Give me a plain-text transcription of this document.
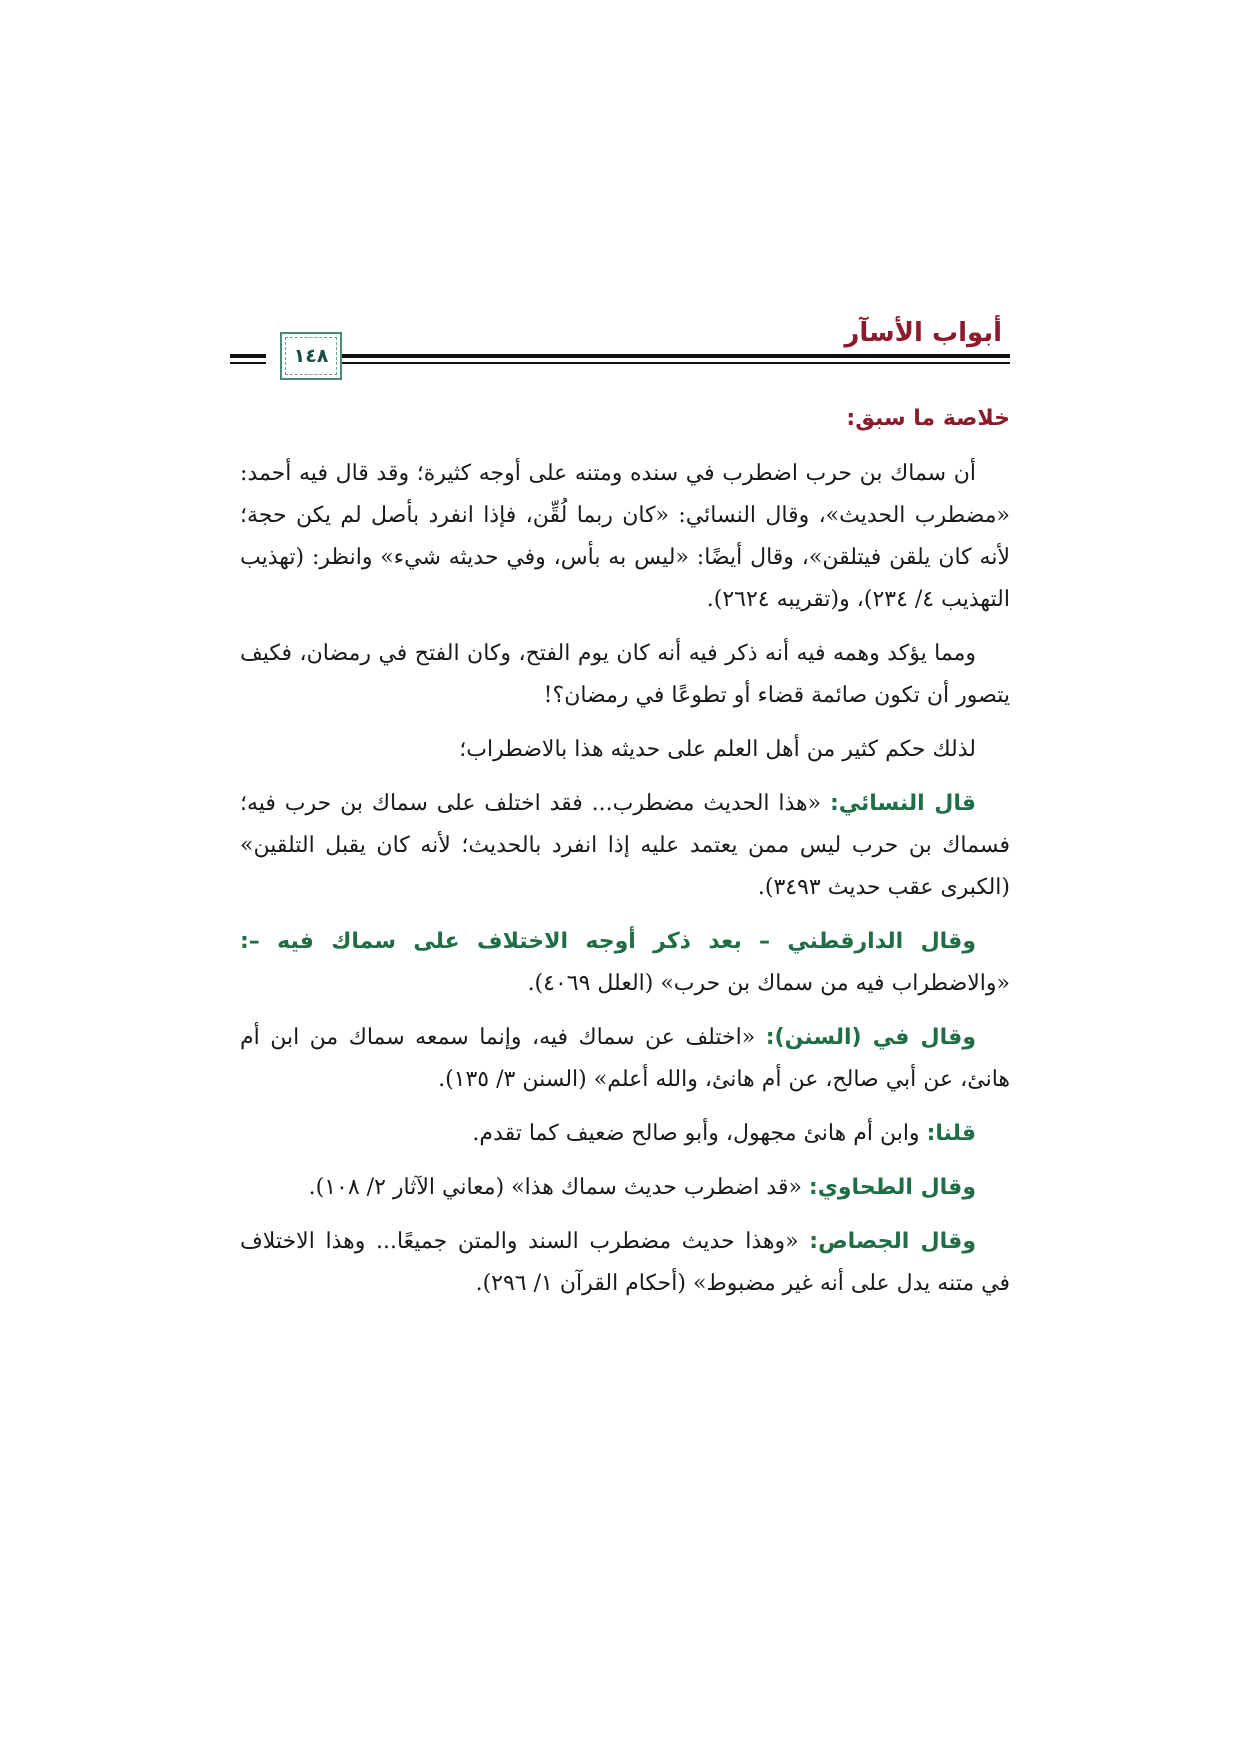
أبواب الأسآر
١٤٨
خلاصة ما سبق:

أن سماك بن حرب اضطرب في سنده ومتنه على أوجه كثيرة؛ وقد قال فيه أحمد: «مضطرب الحديث»، وقال النسائي: «كان ربما لُقِّن، فإذا انفرد بأصل لم يكن حجة؛ لأنه كان يلقن فيتلقن»، وقال أيضًا: «ليس به بأس، وفي حديثه شيء» وانظر: (تهذيب التهذيب ٤/ ٢٣٤)، و(تقريبه ٢٦٢٤).

ومما يؤكد وهمه فيه أنه ذكر فيه أنه كان يوم الفتح، وكان الفتح في رمضان، فكيف يتصور أن تكون صائمة قضاء أو تطوعًا في رمضان؟!

لذلك حكم كثير من أهل العلم على حديثه هذا بالاضطراب؛

قال النسائي: «هذا الحديث مضطرب... فقد اختلف على سماك بن حرب فيه؛ فسماك بن حرب ليس ممن يعتمد عليه إذا انفرد بالحديث؛ لأنه كان يقبل التلقين» (الكبرى عقب حديث ٣٤٩٣).

وقال الدارقطني – بعد ذكر أوجه الاختلاف على سماك فيه –: «والاضطراب فيه من سماك بن حرب» (العلل ٤٠٦٩).

وقال في (السنن): «اختلف عن سماك فيه، وإنما سمعه سماك من ابن أم هانئ، عن أبي صالح، عن أم هانئ، والله أعلم» (السنن ٣/ ١٣٥).

قلنا: وابن أم هانئ مجهول، وأبو صالح ضعيف كما تقدم.

وقال الطحاوي: «قد اضطرب حديث سماك هذا» (معاني الآثار ٢/ ١٠٨).

وقال الجصاص: «وهذا حديث مضطرب السند والمتن جميعًا... وهذا الاختلاف في متنه يدل على أنه غير مضبوط» (أحكام القرآن ١/ ٢٩٦).
